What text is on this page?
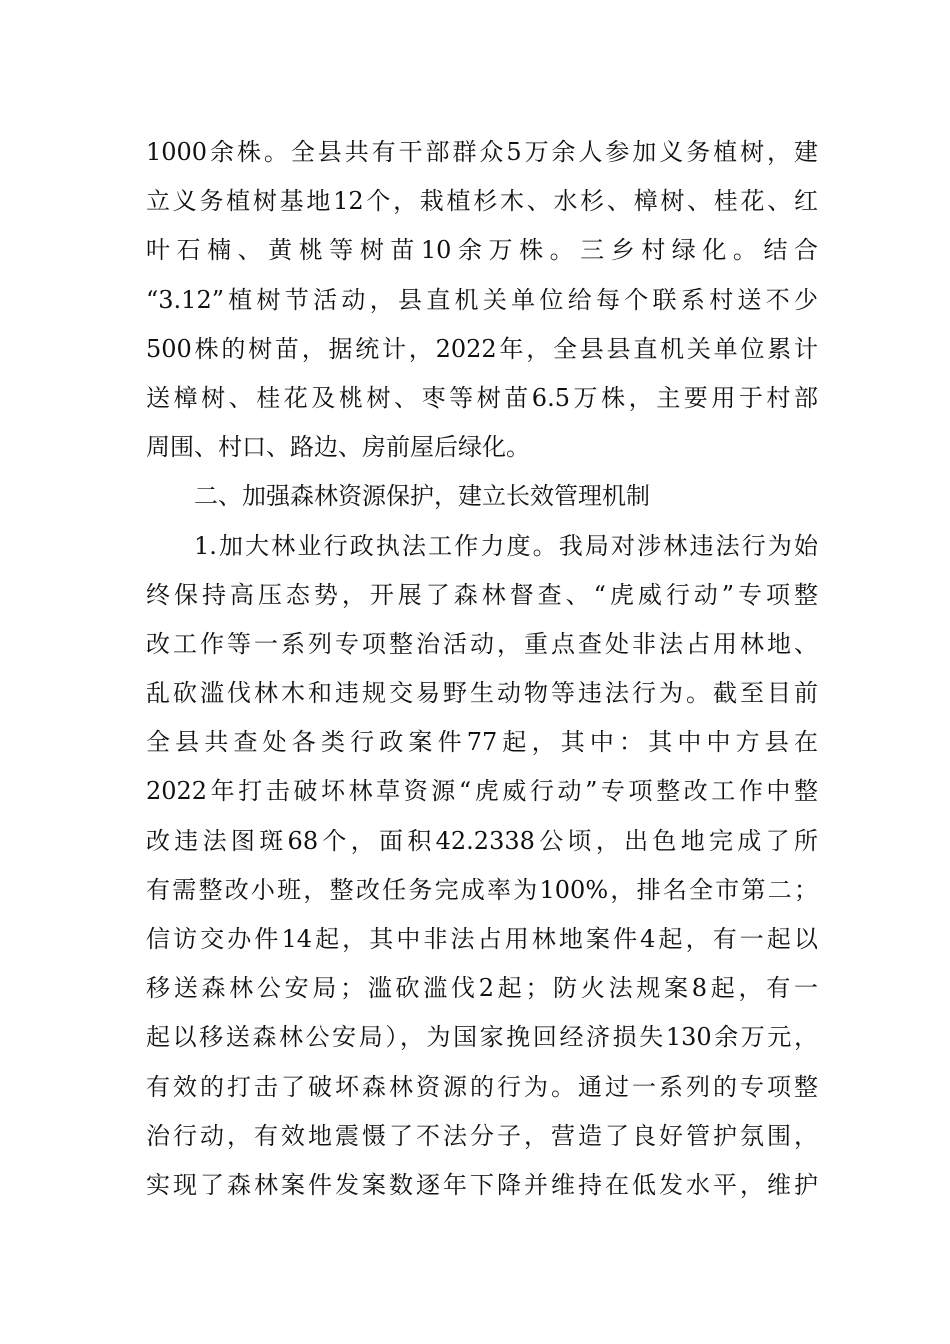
1000余株。全县共有干部群众5万余人参加义务植树，建
立义务植树基地12个，栽植杉木、水杉、樟树、桂花、红
叶石楠、黄桃等树苗10余万株。三乡村绿化。结合
“3.12”植树节活动，县直机关单位给每个联系村送不少
500株的树苗，据统计，2022年，全县县直机关单位累计
送樟树、桂花及桃树、枣等树苗6.5万株，主要用于村部
周围、村口、路边、房前屋后绿化。
二、加强森林资源保护，建立长效管理机制
1.加大林业行政执法工作力度。我局对涉林违法行为始
终保持高压态势，开展了森林督查、“虎威行动”专项整
改工作等一系列专项整治活动，重点查处非法占用林地、
乱砍滥伐林木和违规交易野生动物等违法行为。截至目前
全县共查处各类行政案件77起，其中：其中中方县在
2022年打击破坏林草资源“虎威行动”专项整改工作中整
改违法图斑68个，面积42.2338公顷，出色地完成了所
有需整改小班，整改任务完成率为100%，排名全市第二；
信访交办件14起，其中非法占用林地案件4起，有一起以
移送森林公安局；滥砍滥伐2起；防火法规案8起，有一
起以移送森林公安局），为国家挽回经济损失130余万元，
有效的打击了破坏森林资源的行为。通过一系列的专项整
治行动，有效地震慑了不法分子，营造了良好管护氛围，
实现了森林案件发案数逐年下降并维持在低发水平，维护
